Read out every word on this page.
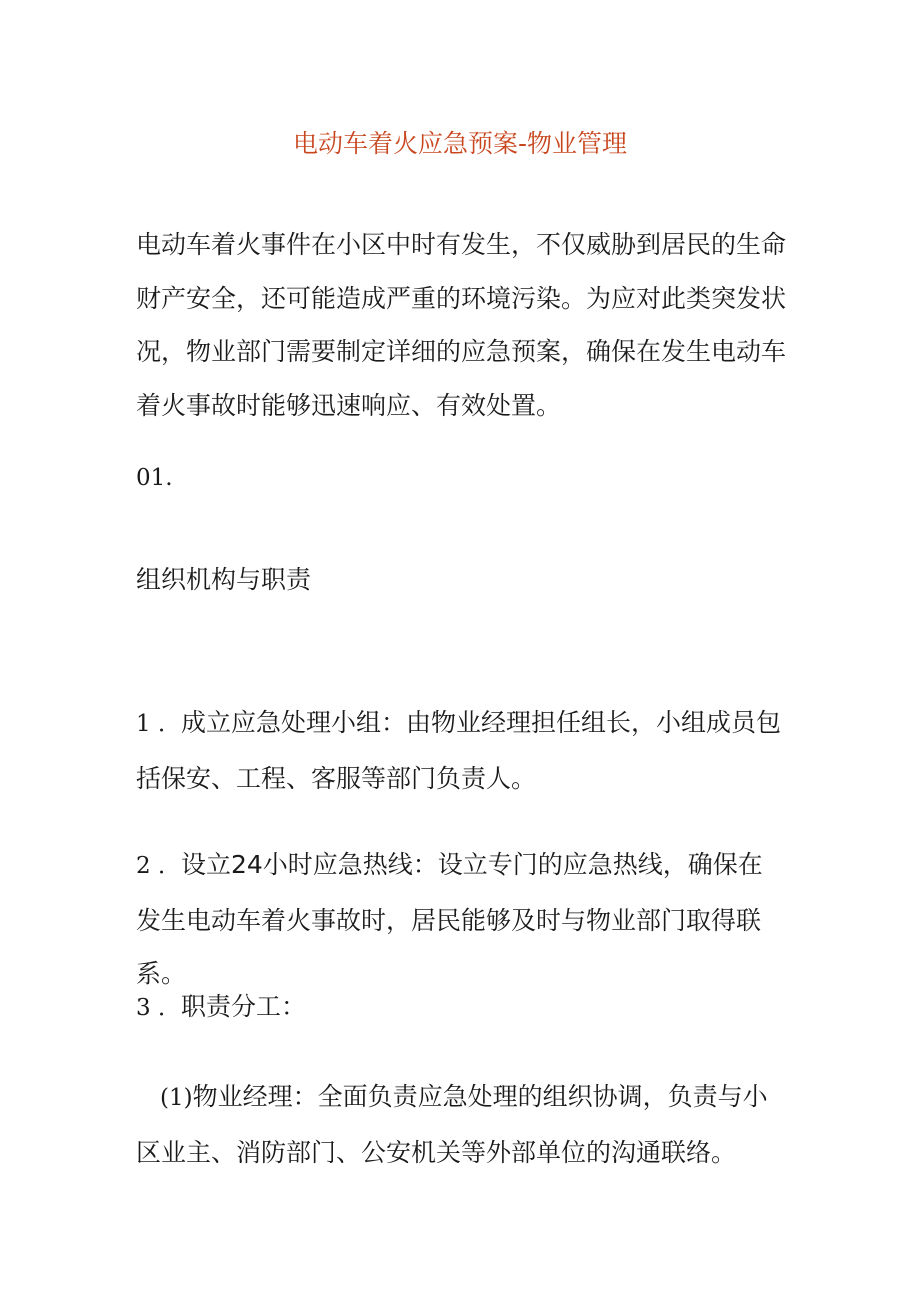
电动车着火应急预案-物业管理

电动车着火事件在小区中时有发生，不仅威胁到居民的生命财产安全，还可能造成严重的环境污染。为应对此类突发状况，物业部门需要制定详细的应急预案，确保在发生电动车着火事故时能够迅速响应、有效处置。

01.

组织机构与职责

1 ．成立应急处理小组：由物业经理担任组长，小组成员包括保安、工程、客服等部门负责人。

2 ．设立24小时应急热线：设立专门的应急热线，确保在发生电动车着火事故时，居民能够及时与物业部门取得联系。

3 ．职责分工：

(1)物业经理：全面负责应急处理的组织协调，负责与小区业主、消防部门、公安机关等外部单位的沟通联络。
